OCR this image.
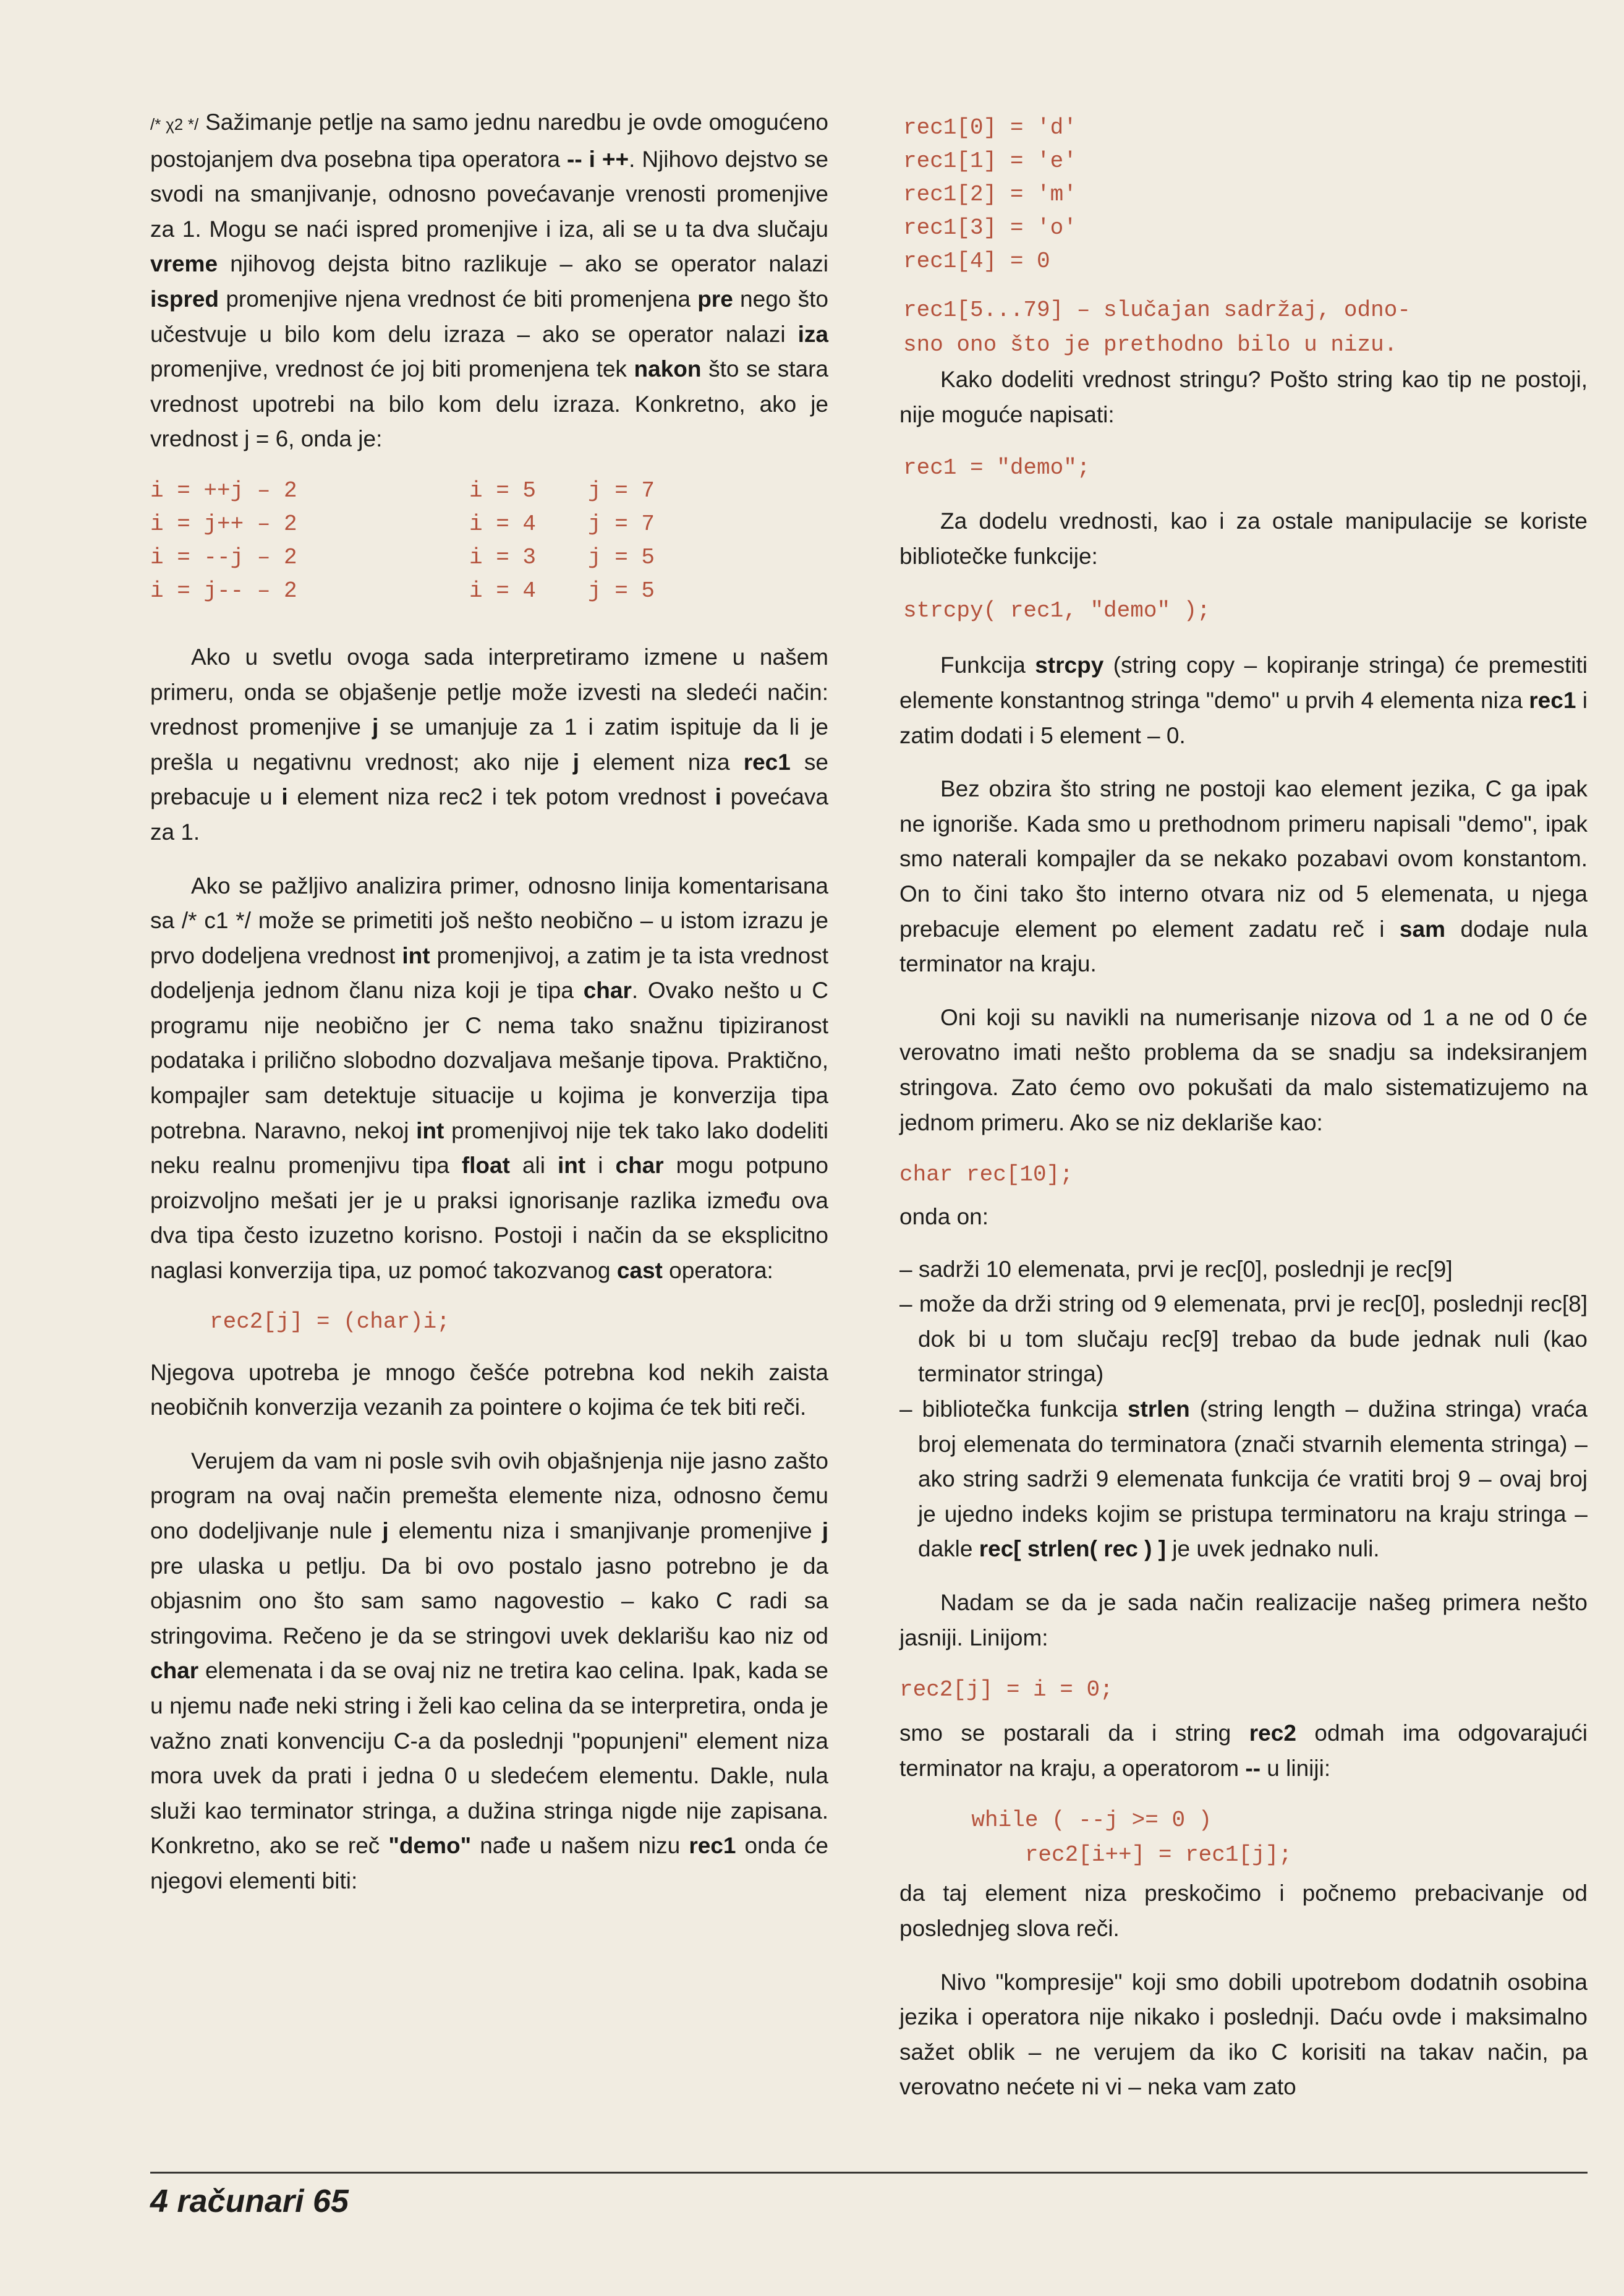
/* χ2 */ Sažimanje petlje na samo jednu naredbu je ovde omogućeno postojanjem dva posebna tipa operatora -- i ++. Njihovo dejstvo se svodi na smanjivanje, odnosno povećavanje vrenosti promenjive za 1. Mogu se naći ispred promenjive i iza, ali se u ta dva slučaju vreme njihovog dejsta bitno razlikuje – ako se operator nalazi ispred promenjive njena vrednost će biti promenjena pre nego što učestvuje u bilo kom delu izraza – ako se operator nalazi iza promenjive, vrednost će joj biti promenjena tek nakon što se stara vrednost upotrebi na bilo kom delu izraza. Konkretno, ako je vrednost j = 6, onda je:

i = ++j – 2	i = 5	j = 7
i = j++ – 2	i = 4	j = 7
i = --j – 2	i = 3	j = 5
i = j-- – 2	i = 4	j = 5

Ako u svetlu ovoga sada interpretiramo izmene u našem primeru, onda se objašenje petlje može izvesti na sledeći način: vrednost promenjive j se umanjuje za 1 i zatim ispituje da li je prešla u negativnu vrednost; ako nije j element niza rec1 se prebacuje u i element niza rec2 i tek potom vrednost i povećava za 1.

Ako se pažljivo analizira primer, odnosno linija komentarisana sa /* c1 */ može se primetiti još nešto neobično – u istom izrazu je prvo dodeljena vrednost int promenjivoj, a zatim je ta ista vrednost dodeljenja jednom članu niza koji je tipa char. Ovako nešto u C programu nije neobično jer C nema tako snažnu tipiziranost podataka i prilično slobodno dozvaljava mešanje tipova. Praktično, kompajler sam detektuje situacije u kojima je konverzija tipa potrebna. Naravno, nekoj int promenjivoj nije tek tako lako dodeliti neku realnu promenjivu tipa float ali int i char mogu potpuno proizvoljno mešati jer je u praksi ignorisanje razlika između ova dva tipa često izuzetno korisno. Postoji i način da se eksplicitno naglasi konverzija tipa, uz pomoć takozvanog cast operatora:

rec2[j] = (char)i;

Njegova upotreba je mnogo češće potrebna kod nekih zaista neobičnih konverzija vezanih za pointere o kojima će tek biti reči.

Verujem da vam ni posle svih ovih objašnjenja nije jasno zašto program na ovaj način premešta elemente niza, odnosno čemu ono dodeljivanje nule j elementu niza i smanjivanje promenjive j pre ulaska u petlju. Da bi ovo postalo jasno potrebno je da objasnim ono što sam samo nagovestio – kako C radi sa stringovima. Rečeno je da se stringovi uvek deklarišu kao niz od char elemenata i da se ovaj niz ne tretira kao celina. Ipak, kada se u njemu nađe neki string i želi kao celina da se interpretira, onda je važno znati konvenciju C-a da poslednji "popunjeni" element niza mora uvek da prati i jedna 0 u sledećem elementu. Dakle, nula služi kao terminator stringa, a dužina stringa nigde nije zapisana. Konkretno, ako se reč "demo" nađe u našem nizu rec1 onda će njegovi elementi biti:

rec1[0] = 'd'
rec1[1] = 'e'
rec1[2] = 'm'
rec1[3] = 'o'
rec1[4] = 0
rec1[5...79] – slučajan sadržaj, odno-
sno ono što je prethodno bilo u nizu.

Kako dodeliti vrednost stringu? Pošto string kao tip ne postoji, nije moguće napisati:

rec1 = "demo";

Za dodelu vrednosti, kao i za ostale manipulacije se koriste bibliotečke funkcije:

strcpy( rec1, "demo" );

Funkcija strcpy (string copy – kopiranje stringa) će premestiti elemente konstantnog stringa "demo" u prvih 4 elementa niza rec1 i zatim dodati i 5 element – 0.

Bez obzira što string ne postoji kao element jezika, C ga ipak ne ignoriše. Kada smo u prethodnom primeru napisali "demo", ipak smo naterali kompajler da se nekako pozabavi ovom konstantom. On to čini tako što interno otvara niz od 5 elemenata, u njega prebacuje element po element zadatu reč i sam dodaje nula terminator na kraju.

Oni koji su navikli na numerisanje nizova od 1 a ne od 0 će verovatno imati nešto problema da se snadju sa indeksiranjem stringova. Zato ćemo ovo pokušati da malo sistematizujemo na jednom primeru. Ako se niz deklariše kao:

char rec[10];

onda on:

– sadrži 10 elemenata, prvi je rec[0], poslednji je rec[9]
– može da drži string od 9 elemenata, prvi je rec[0], poslednji rec[8] dok bi u tom slučaju rec[9] trebao da bude jednak nuli (kao terminator stringa)
– bibliotečka funkcija strlen (string length – dužina stringa) vraća broj elemenata do terminatora (znači stvarnih elementa stringa) – ako string sadrži 9 elemenata funkcija će vratiti broj 9 – ovaj broj je ujedno indeks kojim se pristupa terminatoru na kraju stringa – dakle rec[ strlen( rec ) ] je uvek jednako nuli.

Nadam se da je sada način realizacije našeg primera nešto jasniji. Linijom:

rec2[j] = i = 0;

smo se postarali da i string rec2 odmah ima odgovarajući terminator na kraju, a operatorom -- u liniji:

while ( --j >= 0 )
rec2[i++] = rec1[j];

da taj element niza preskočimo i počnemo prebacivanje od poslednjeg slova reči.

Nivo "kompresije" koji smo dobili upotrebom dodatnih osobina jezika i operatora nije nikako i poslednji. Daću ovde i maksimalno sažet oblik – ne verujem da iko C korisiti na takav način, pa verovatno nećete ni vi – neka vam zato

4 računari 65
